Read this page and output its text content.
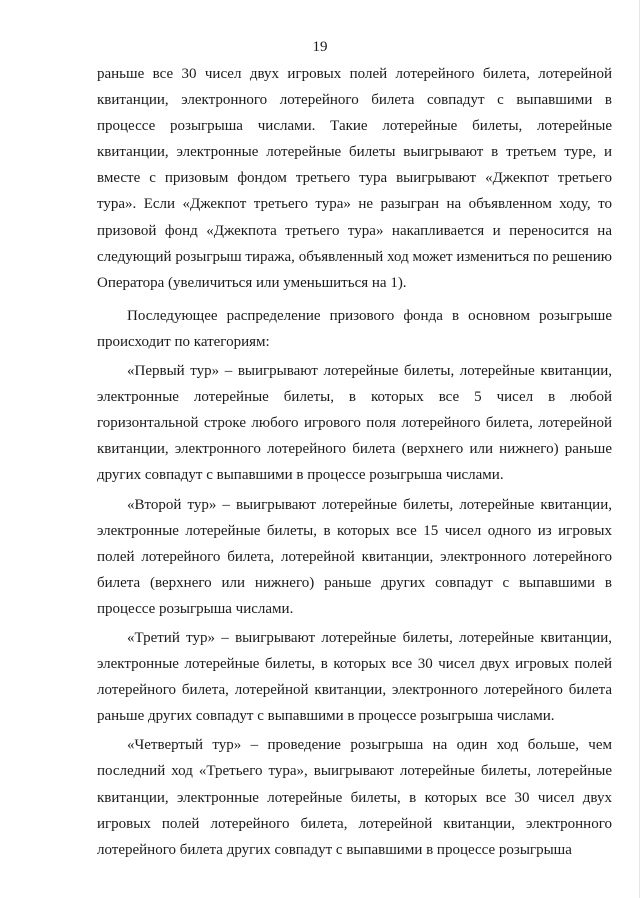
19

раньше все 30 чисел двух игровых полей лотерейного билета, лотерейной квитанции, электронного лотерейного билета совпадут с выпавшими в процессе розыгрыша числами. Такие лотерейные билеты, лотерейные квитанции, электронные лотерейные билеты выигрывают в третьем туре, и вместе с призовым фондом третьего тура выигрывают «Джекпот третьего тура». Если «Джекпот третьего тура» не разыгран на объявленном ходу, то призовой фонд «Джекпота третьего тура» накапливается и переносится на следующий розыгрыш тиража, объявленный ход может измениться по решению Оператора (увеличиться или уменьшиться на 1).

Последующее распределение призового фонда в основном розыгрыше происходит по категориям:

«Первый тур» – выигрывают лотерейные билеты, лотерейные квитанции, электронные лотерейные билеты, в которых все 5 чисел в любой горизонтальной строке любого игрового поля лотерейного билета, лотерейной квитанции, электронного лотерейного билета (верхнего или нижнего) раньше других совпадут с выпавшими в процессе розыгрыша числами.

«Второй тур» – выигрывают лотерейные билеты, лотерейные квитанции, электронные лотерейные билеты, в которых все 15 чисел одного из игровых полей лотерейного билета, лотерейной квитанции, электронного лотерейного билета (верхнего или нижнего) раньше других совпадут с выпавшими в процессе розыгрыша числами.

«Третий тур» – выигрывают лотерейные билеты, лотерейные квитанции, электронные лотерейные билеты, в которых все 30 чисел двух игровых полей лотерейного билета, лотерейной квитанции, электронного лотерейного билета раньше других совпадут с выпавшими в процессе розыгрыша числами.

«Четвертый тур» – проведение розыгрыша на один ход больше, чем последний ход «Третьего тура», выигрывают лотерейные билеты, лотерейные квитанции, электронные лотерейные билеты, в которых все 30 чисел двух игровых полей лотерейного билета, лотерейной квитанции, электронного лотерейного билета других совпадут с выпавшими в процессе розыгрыша
